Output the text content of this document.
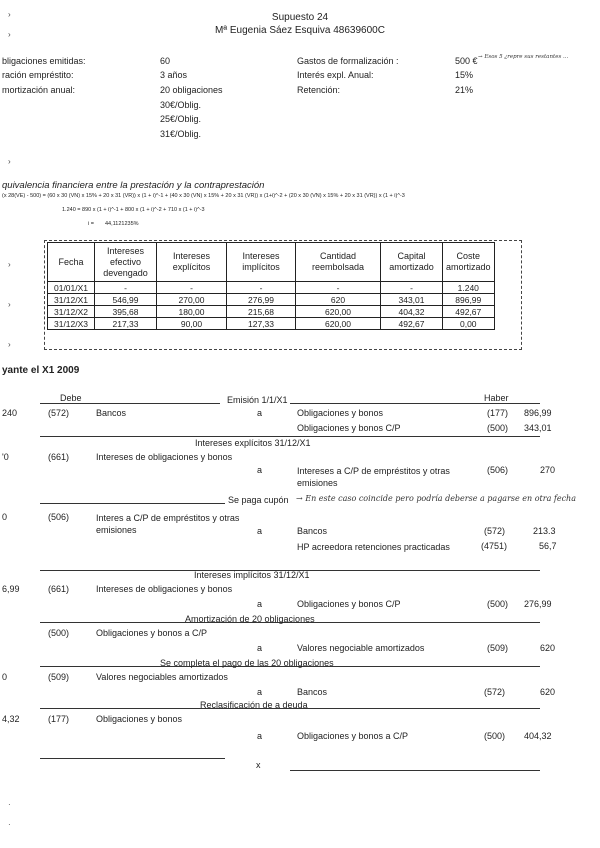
Supuesto 24
Mª Eugenia Sáez Esquiva 48639600C
bligaciones emitidas:	60
ración empréstito:	3 años
mortización anual:	20 obligaciones
30€/Oblig.
25€/Oblig.
31€/Oblig.
Gastos de formalización :	500 € → Esos 5 ¿repre sus restantes ...
Interés expl. Anual:	15%
Retención:	21%
quivalencia financiera entre la prestación y la contraprestación
(x 28(VE) - 500) = (60 x 30 (VN) x 15% + 20 x 31 (VR)) x (1 + i)^-1 + (40 x 30 (VN) x 15% + 20 x 31 (VR)) x (1+i)^-2 + (20 x 30 (VN) x 15% + 20 x 31 (VR)) x (1 + i)^-3
1.240 = 890 x (1 + i)^-1 + 800 x (1 + i)^-2 + 710 x (1 + i)^-3
i = 44,1121235%
Fecha	Intereses efectivo devengado	Intereses explícitos	Intereses implícitos	Cantidad reembolsada	Capital amortizado	Coste amortizado
01/01/X1	-	-	-	-	-	1.240
31/12/X1	546,99	270,00	276,99	620	343,01	896,99
31/12/X2	395,68	180,00	215,68	620,00	404,32	492,67
31/12/X3	217,33	90,00	127,33	620,00	492,67	0,00
yante el X1 2009
Debe	Haber
Emisión 1/1/X1
240	(572)	Bancos	a	Obligaciones y bonos	(177) 896,99
Obligaciones y bonos C/P	(500) 343,01
Intereses explícitos 31/12/X1
'0	(661)	Intereses de obligaciones y bonos
a	Intereses a C/P de empréstitos y otras emisiones
(506)	270
Se paga cupón → En este caso coincide pero podría deberse a pagarse en otra fecha
0	(506)	Interes a C/P de empréstitos y otras emisiones	a	Bancos	(572)	213.3
HP acreedora retenciones practicadas	(4751)	56,7
Intereses implícitos 31/12/X1
6,99	(661)	Intereses de obligaciones y bonos
a	Obligaciones y bonos C/P	(500) 276,99
Amortización de 20 obligaciones
(500)	Obligaciones y bonos a C/P
a	Valores negociable amortizados	(509)	620
Se completa el pago de las 20 obligaciones
0	(509)	Valores negociables amortizados
a	Bancos	(572)	620
Reclasificación de a deuda
4,32	(177)	Obligaciones y bonos
a	Obligaciones y bonos a C/P	(500) 404,32
x
›
›
›
›
›
›
·
·
